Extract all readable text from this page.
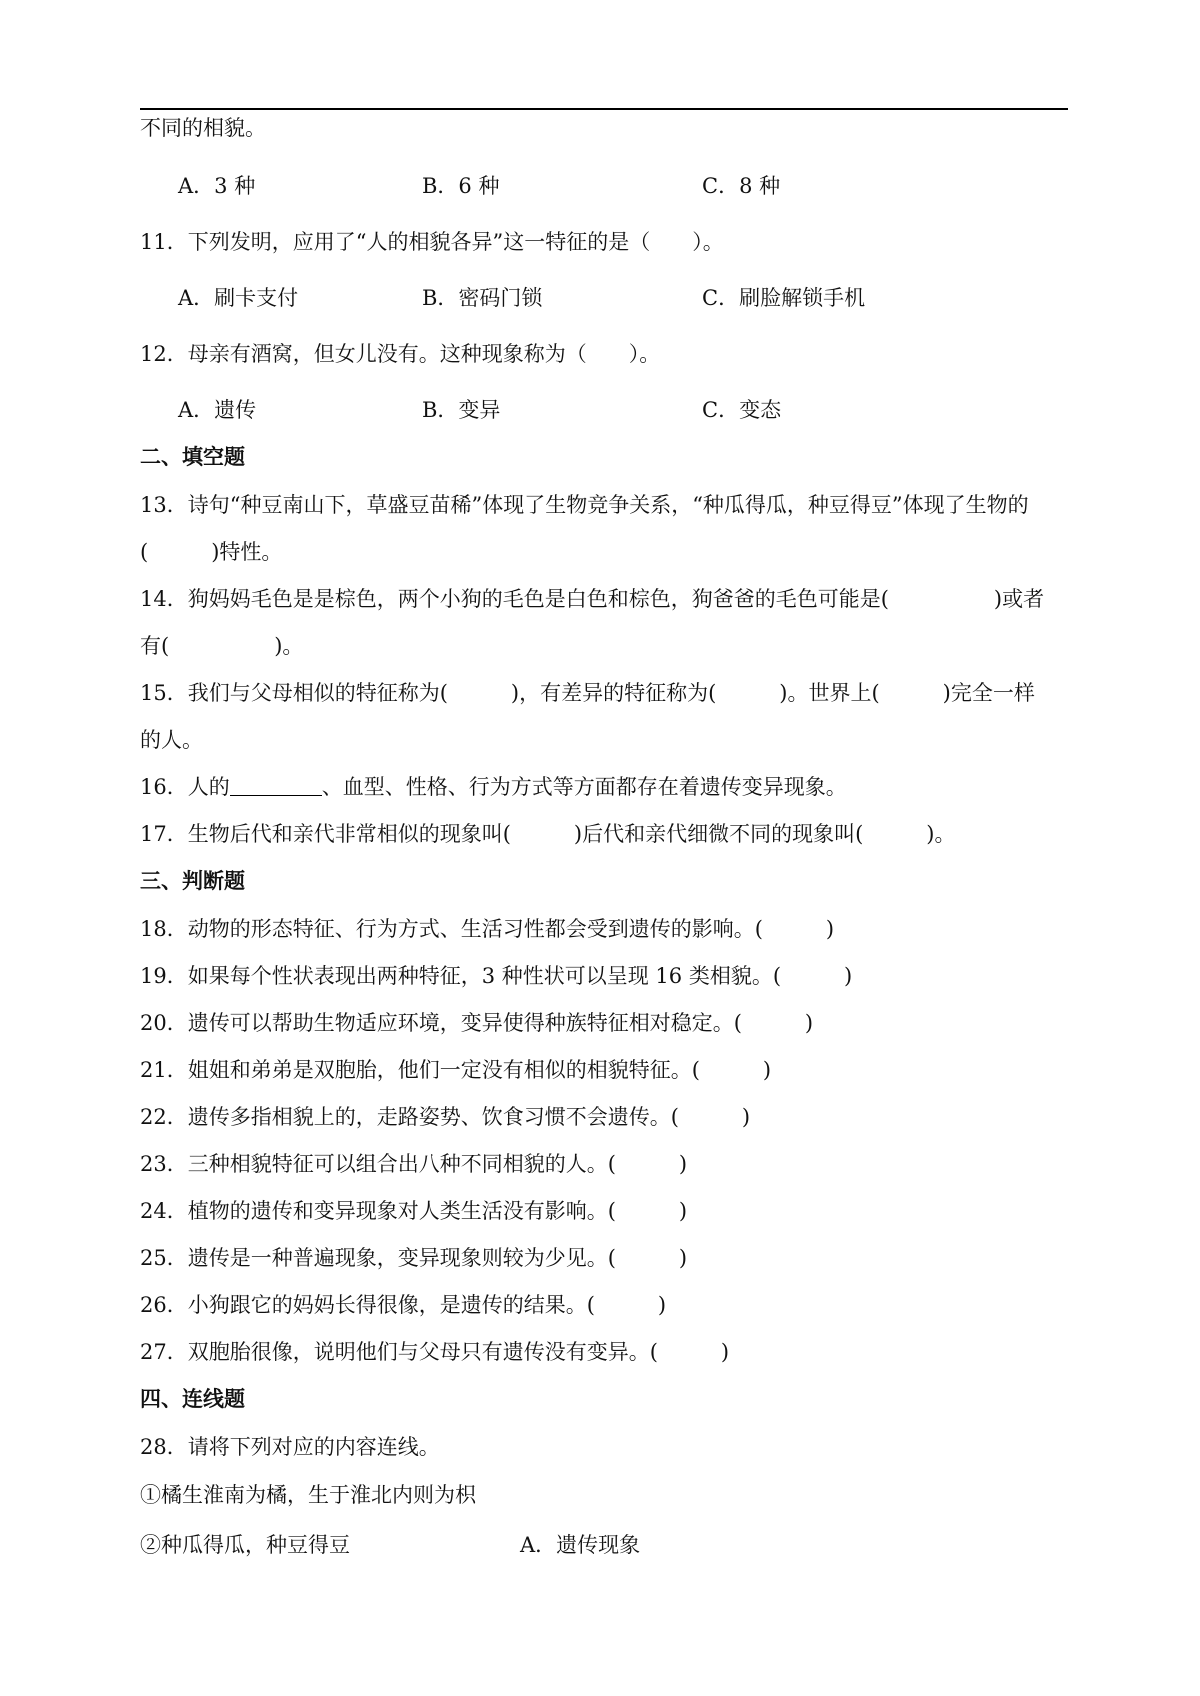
不同的相貌。
A．3 种	B．6 种	C．8 种
11．下列发明，应用了“人的相貌各异”这一特征的是（　　）。
A．刷卡支付	B．密码门锁	C．刷脸解锁手机
12．母亲有酒窝，但女儿没有。这种现象称为（　　）。
A．遗传	B．变异	C．变态
二、填空题
13．诗句“种豆南山下，草盛豆苗稀”体现了生物竞争关系，“种瓜得瓜，种豆得豆”体现了生物的
(　　　)特性。
14．狗妈妈毛色是是棕色，两个小狗的毛色是白色和棕色，狗爸爸的毛色可能是(　　　　　)或者
有(　　　　　)。
15．我们与父母相似的特征称为(　　　)，有差异的特征称为(　　　)。世界上(　　　)完全一样
的人。
16．人的	、血型、性格、行为方式等方面都存在着遗传变异现象。
17．生物后代和亲代非常相似的现象叫(　　　)后代和亲代细微不同的现象叫(　　　)。
三、判断题
18．动物的形态特征、行为方式、生活习性都会受到遗传的影响。(　　　)
19．如果每个性状表现出两种特征，3 种性状可以呈现 16 类相貌。(　　　)
20．遗传可以帮助生物适应环境，变异使得种族特征相对稳定。(　　　)
21．姐姐和弟弟是双胞胎，他们一定没有相似的相貌特征。(　　　)
22．遗传多指相貌上的，走路姿势、饮食习惯不会遗传。(　　　)
23．三种相貌特征可以组合出八种不同相貌的人。(　　　)
24．植物的遗传和变异现象对人类生活没有影响。(　　　)
25．遗传是一种普遍现象，变异现象则较为少见。(　　　)
26．小狗跟它的妈妈长得很像，是遗传的结果。(　　　)
27．双胞胎很像，说明他们与父母只有遗传没有变异。(　　　)
四、连线题
28．请将下列对应的内容连线。
①橘生淮南为橘，生于淮北内则为枳
②种瓜得瓜，种豆得豆	A．遗传现象
